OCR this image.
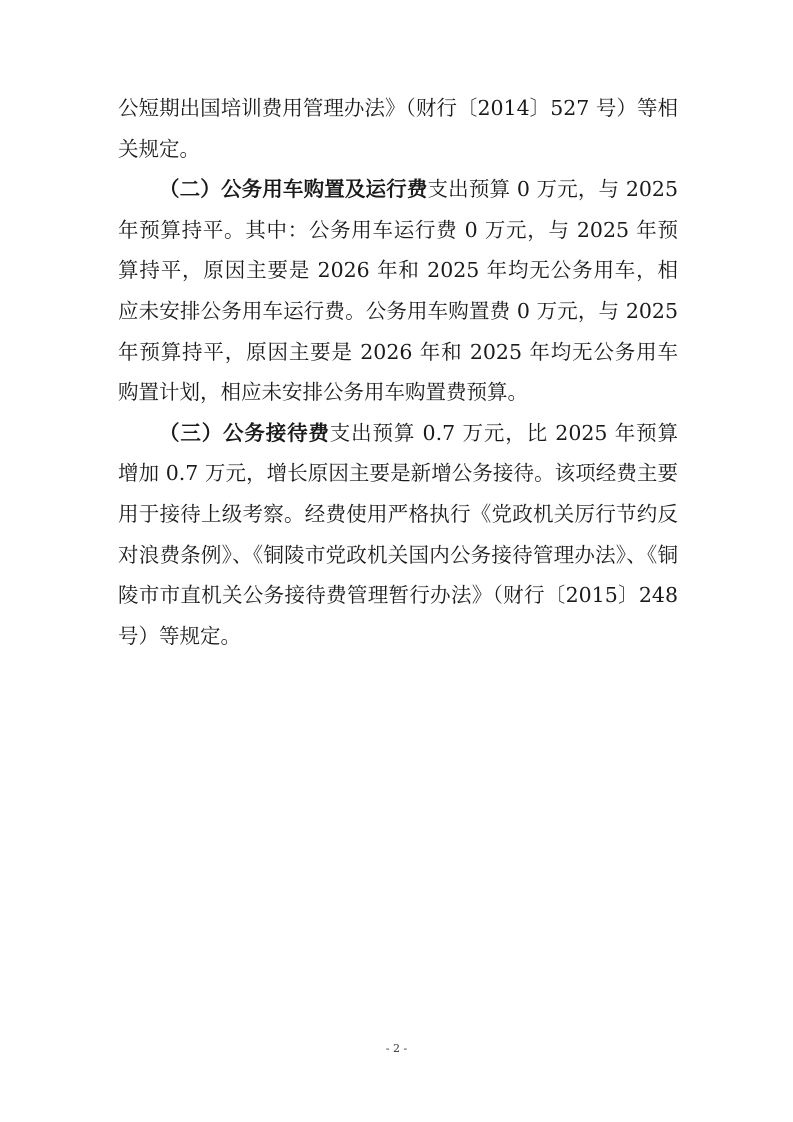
公短期出国培训费用管理办法》（财行〔2014〕527 号）等相关规定。

（二）公务用车购置及运行费支出预算 0 万元，与 2025 年预算持平。其中：公务用车运行费 0 万元，与 2025 年预算持平，原因主要是 2026 年和 2025 年均无公务用车，相应未安排公务用车运行费。公务用车购置费 0 万元，与 2025 年预算持平，原因主要是 2026 年和 2025 年均无公务用车购置计划，相应未安排公务用车购置费预算。

（三）公务接待费支出预算 0.7 万元，比 2025 年预算增加 0.7 万元，增长原因主要是新增公务接待。该项经费主要用于接待上级考察。经费使用严格执行《党政机关厉行节约反对浪费条例》、《铜陵市党政机关国内公务接待管理办法》、《铜陵市市直机关公务接待费管理暂行办法》（财行〔2015〕248 号）等规定。

- 2 -
